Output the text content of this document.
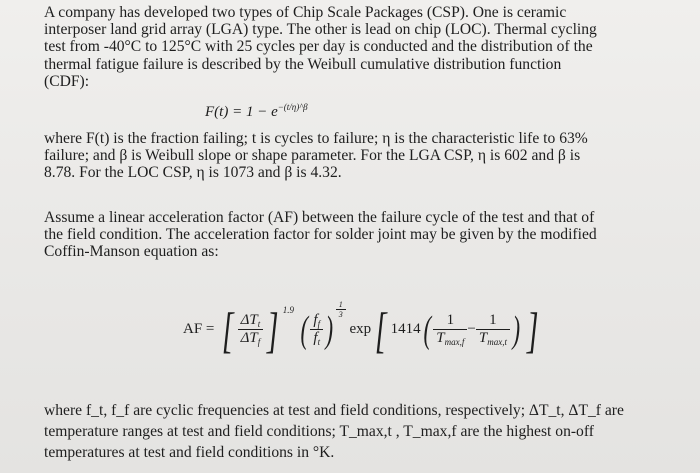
A company has developed two types of Chip Scale Packages (CSP). One is ceramic
interposer land grid array (LGA) type. The other is lead on chip (LOC). Thermal cycling
test from -40°C to 125°C with 25 cycles per day is conducted and the distribution of the
thermal fatigue failure is described by the Weibull cumulative distribution function
(CDF):
$F(t) = 1 - e^{-(t/\eta)\^{}\beta}$
where F(t) is the fraction failing; t is cycles to failure; η is the characteristic life to 63%
failure; and β is Weibull slope or shape parameter. For the LGA CSP, η is 602 and β is
8.78. For the LOC CSP, η is 1073 and β is 4.32.
Assume a linear acceleration factor (AF) between the failure cycle of the test and that of
the field condition. The acceleration factor for solder joint may be given by the modified
Coffin-Manson equation as:
AF = [ $\frac{\Delta T_t}{\Delta T_f}$ ] $^{1.9}$ ( $\frac{f_f}{f_t}$ ) $\frac{1}{3}$
exp[ $1414( \frac{1}{T_{max,f}} - \frac{1}{T_{max,t}}$ ) ]
where f_t, f_f are cyclic frequencies at test and field conditions, respectively; ΔT_t, ΔT_f are
temperature ranges at test and field conditions; T_max,t , T_max,f are the highest on-off
temperatures at test and field conditions in °K.
